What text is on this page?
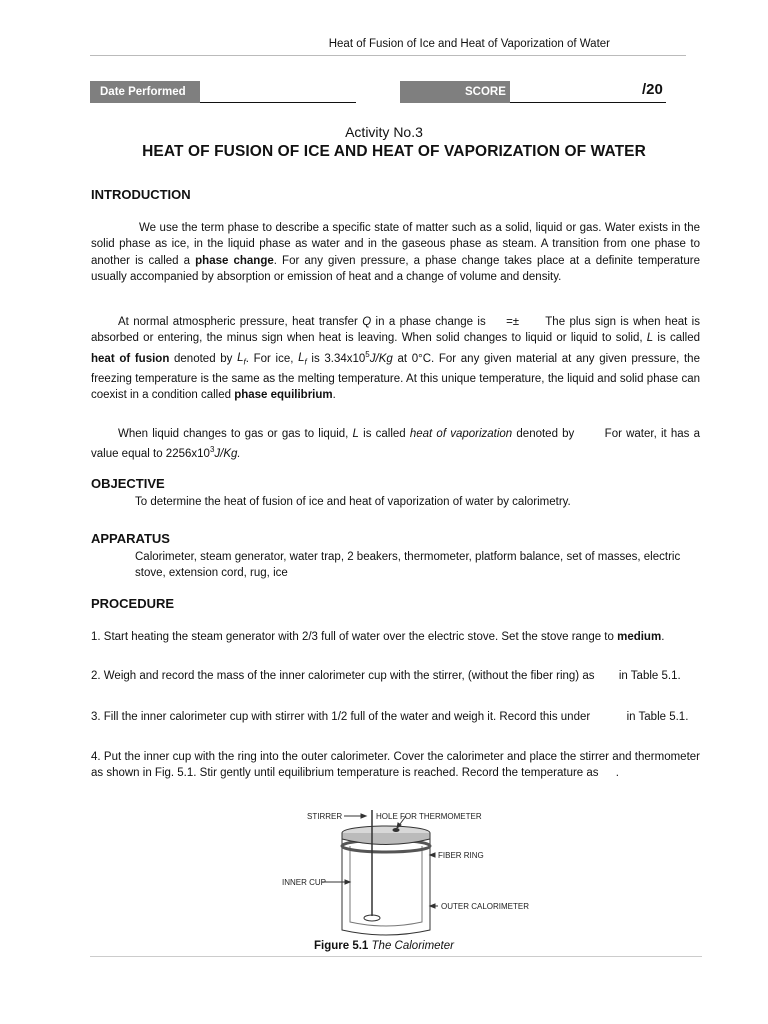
Heat of Fusion of Ice and Heat of Vaporization of Water
Date Performed	SCORE	/20
Activity No.3
HEAT OF FUSION OF ICE AND HEAT OF VAPORIZATION OF WATER
INTRODUCTION

We use the term phase to describe a specific state of matter such as a solid, liquid or gas. Water exists in the solid phase as ice, in the liquid phase as water and in the gaseous phase as steam. A transition from one phase to another is called a phase change. For any given pressure, a phase change takes place at a definite temperature usually accompanied by absorption or emission of heat and a change of volume and density.

At normal atmospheric pressure, heat transfer Q in a phase change is =± The plus sign is when heat is absorbed or entering, the minus sign when heat is leaving. When solid changes to liquid or liquid to solid, L is called heat of fusion denoted by $L_f$. For ice, $L_f$ is $3.34x10^5J/Kg$ at 0°C. For any given material at any given pressure, the freezing temperature is the same as the melting temperature. At this unique temperature, the liquid and solid phase can coexist in a condition called phase equilibrium.

When liquid changes to gas or gas to liquid, L is called heat of vaporization denoted by  For water, it has a value equal to $2256x10^3J/Kg$.

OBJECTIVE

To determine the heat of fusion of ice and heat of vaporization of water by calorimetry.

APPARATUS

Calorimeter, steam generator, water trap, 2 beakers, thermometer, platform balance, set of masses, electric stove, extension cord, rug, ice

PROCEDURE

1. Start heating the steam generator with 2/3 full of water over the electric stove. Set the stove range to medium.

2. Weigh and record the mass of the inner calorimeter cup with the stirrer, (without the fiber ring) as  in Table 5.1.

3. Fill the inner calorimeter cup with stirrer with 1/2 full of the water and weigh it. Record this under	in Table 5.1.

4. Put the inner cup with the ring into the outer calorimeter. Cover the calorimeter and place the stirrer and thermometer as shown in Fig. 5.1. Stir gently until equilibrium temperature is reached. Record the temperature as .

STIRRER	HOLE FOR THERMOMETER
FIBER RING
INNER CUP
OUTER CALORIMETER
Figure 5.1 The Calorimeter
